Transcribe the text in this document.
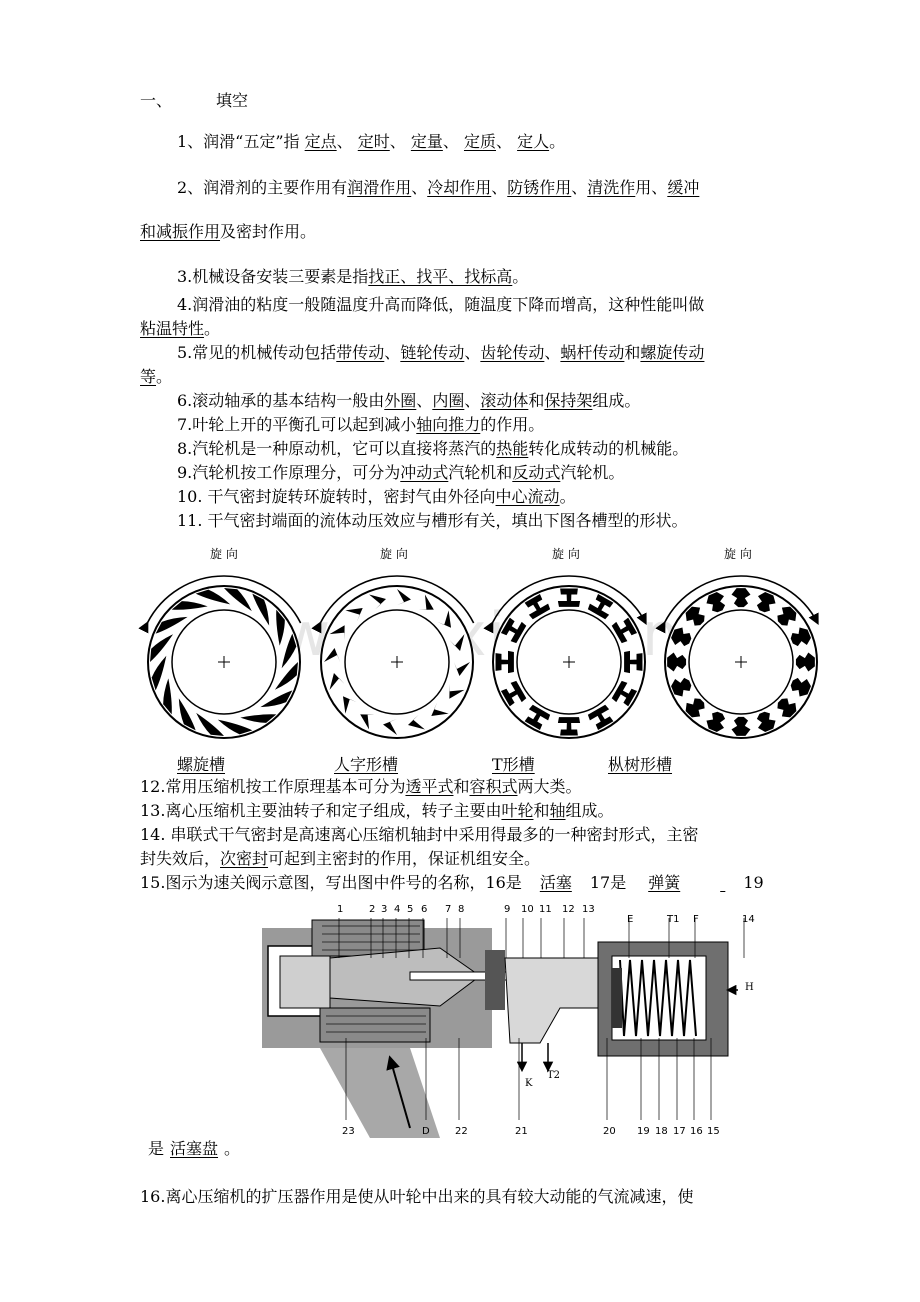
一、	填空
1、润滑“五定”指 定点、 定时、 定量、 定质、 定人。
2、润滑剂的主要作用有润滑作用、冷却作用、防锈作用、清洗作用、缓冲
和减振作用及密封作用。
3.机械设备安装三要素是指找正、找平、找标高。
4.润滑油的粘度一般随温度升高而降低，随温度下降而增高，这种性能叫做
粘温特性。
5.常见的机械传动包括带传动、链轮传动、齿轮传动、蜗杆传动和螺旋传动
等。
6.滚动轴承的基本结构一般由外圈、内圈、滚动体和保持架组成。
7.叶轮上开的平衡孔可以起到减小轴向推力的作用。
8.汽轮机是一种原动机，它可以直接将蒸汽的热能转化成转动的机械能。
9.汽轮机按工作原理分，可分为冲动式汽轮机和反动式汽轮机。
10. 干气密封旋转环旋转时，密封气由外径向中心流动。
11. 干气密封端面的流体动压效应与槽形有关，填出下图各槽型的形状。
旋 向	旋 向	旋 向	旋 向
螺旋槽	人字形槽	T形槽	枞树形槽
12.常用压缩机按工作原理基本可分为透平式和容积式两大类。
13.离心压缩机主要油转子和定子组成，转子主要由叶轮和轴组成。
14. 串联式干气密封是高速离心压缩机轴封中采用得最多的一种密封形式，主密
封失效后，次密封可起到主密封的作用，保证机组安全。
15.图示为速关阀示意图，写出图中件号的名称，16是 活塞 17是 弹簧	19
1	2 3 4 5 6 7 8	9 10 11 12 13
E	T1 F	14
23	D	22	21	20 19 18 17 16 15
K
T2
H
是 活塞盘 。
16.离心压缩机的扩压器作用是使从叶轮中出来的具有较大动能的气流减速，使
